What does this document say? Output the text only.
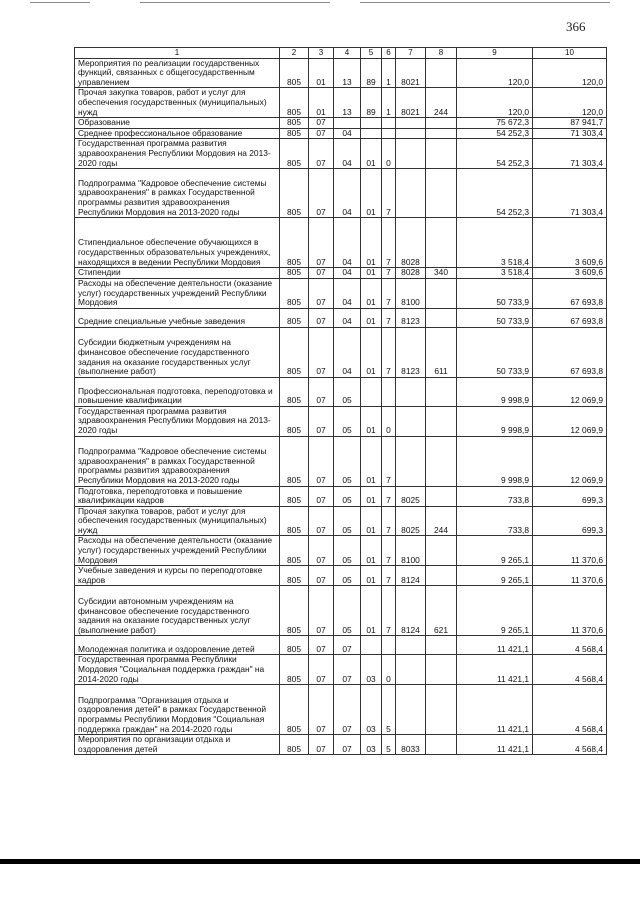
366
1	2	3	4	5	6	7	8	9	10
Мероприятия по реализации государственных функций, связанных с общегосударственным управлением	805	01	13	89	1	8021		120,0	120,0
Прочая закупка товаров, работ и услуг для обеспечения государственных (муниципальных) нужд	805	01	13	89	1	8021	244	120,0	120,0
Образование	805	07						75 672,3	87 941,7
Среднее профессиональное образование	805	07	04					54 252,3	71 303,4
Государственная программа развития здравоохранения Республики Мордовия на 2013-2020 годы	805	07	04	01	0			54 252,3	71 303,4
Подпрограмма "Кадровое обеспечение системы здравоохранения" в рамках Государственной программы развития здравоохранения Республики Мордовия на 2013-2020 годы	805	07	04	01	7			54 252,3	71 303,4
Стипендиальное обеспечение обучающихся в государственных образовательных учреждениях, находящихся в ведении Республики Мордовия	805	07	04	01	7	8028		3 518,4	3 609,6
Стипендии	805	07	04	01	7	8028	340	3 518,4	3 609,6
Расходы на обеспечение деятельности (оказание услуг) государственных учреждений Республики Мордовия	805	07	04	01	7	8100		50 733,9	67 693,8
Средние специальные учебные заведения	805	07	04	01	7	8123		50 733,9	67 693,8
Субсидии бюджетным учреждениям на финансовое обеспечение государственного задания на оказание государственных услуг (выполнение работ)	805	07	04	01	7	8123	611	50 733,9	67 693,8
Профессиональная подготовка, переподготовка и повышение квалификации	805	07	05					9 998,9	12 069,9
Государственная программа развития здравоохранения Республики Мордовия на 2013-2020 годы	805	07	05	01	0			9 998,9	12 069,9
Подпрограмма "Кадровое обеспечение системы здравоохранения" в рамках Государственной программы развития здравоохранения Республики Мордовия на 2013-2020 годы	805	07	05	01	7			9 998,9	12 069,9
Подготовка, переподготовка и повышение квалификации кадров	805	07	05	01	7	8025		733,8	699,3
Прочая закупка товаров, работ и услуг для обеспечения государственных (муниципальных) нужд	805	07	05	01	7	8025	244	733,8	699,3
Расходы на обеспечение деятельности (оказание услуг) государственных учреждений Республики Мордовия	805	07	05	01	7	8100		9 265,1	11 370,6
Учебные заведения и курсы по переподготовке кадров	805	07	05	01	7	8124		9 265,1	11 370,6
Субсидии автономным учреждениям на финансовое обеспечение государственного задания на оказание государственных услуг (выполнение работ)	805	07	05	01	7	8124	621	9 265,1	11 370,6
Молодежная политика и оздоровление детей	805	07	07					11 421,1	4 568,4
Государственная программа Республики Мордовия "Социальная поддержка граждан" на 2014-2020 годы	805	07	07	03	0			11 421,1	4 568,4
Подпрограмма "Организация отдыха и оздоровления детей" в рамках Государственной программы Республики Мордовия "Социальная поддержка граждан" на 2014-2020 годы	805	07	07	03	5			11 421,1	4 568,4
Мероприятия по организации отдыха и оздоровления детей	805	07	07	03	5	8033		11 421,1	4 568,4
